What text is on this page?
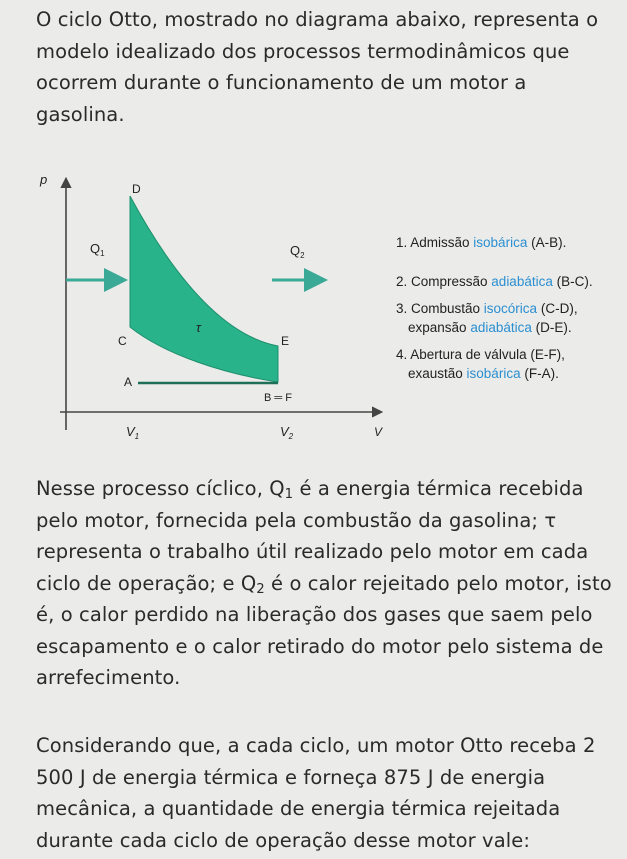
O ciclo Otto, mostrado no diagrama abaixo, representa o modelo idealizado dos processos termodinâmicos que ocorrem durante o funcionamento de um motor a gasolina.

p
V
D
C	E
A
B ═ F
τ
$Q_1$	$Q_2$
$V_1$	$V_2$
1. Admissão isobárica (A-B).
2. Compressão adiabática (B-C).
3. Combustão isocórica (C-D),
expansão adiabática (D-E).
4. Abertura de válvula (E-F),
exaustão isobárica (F-A).

Nesse processo cíclico, $Q_1$ é a energia térmica recebida pelo motor, fornecida pela combustão da gasolina; τ representa o trabalho útil realizado pelo motor em cada ciclo de operação; e $Q_2$ é o calor rejeitado pelo motor, isto é, o calor perdido na liberação dos gases que saem pelo escapamento e o calor retirado do motor pelo sistema de arrefecimento.

Considerando que, a cada ciclo, um motor Otto receba 2 500 J de energia térmica e forneça 875 J de energia mecânica, a quantidade de energia térmica rejeitada durante cada ciclo de operação desse motor vale:
